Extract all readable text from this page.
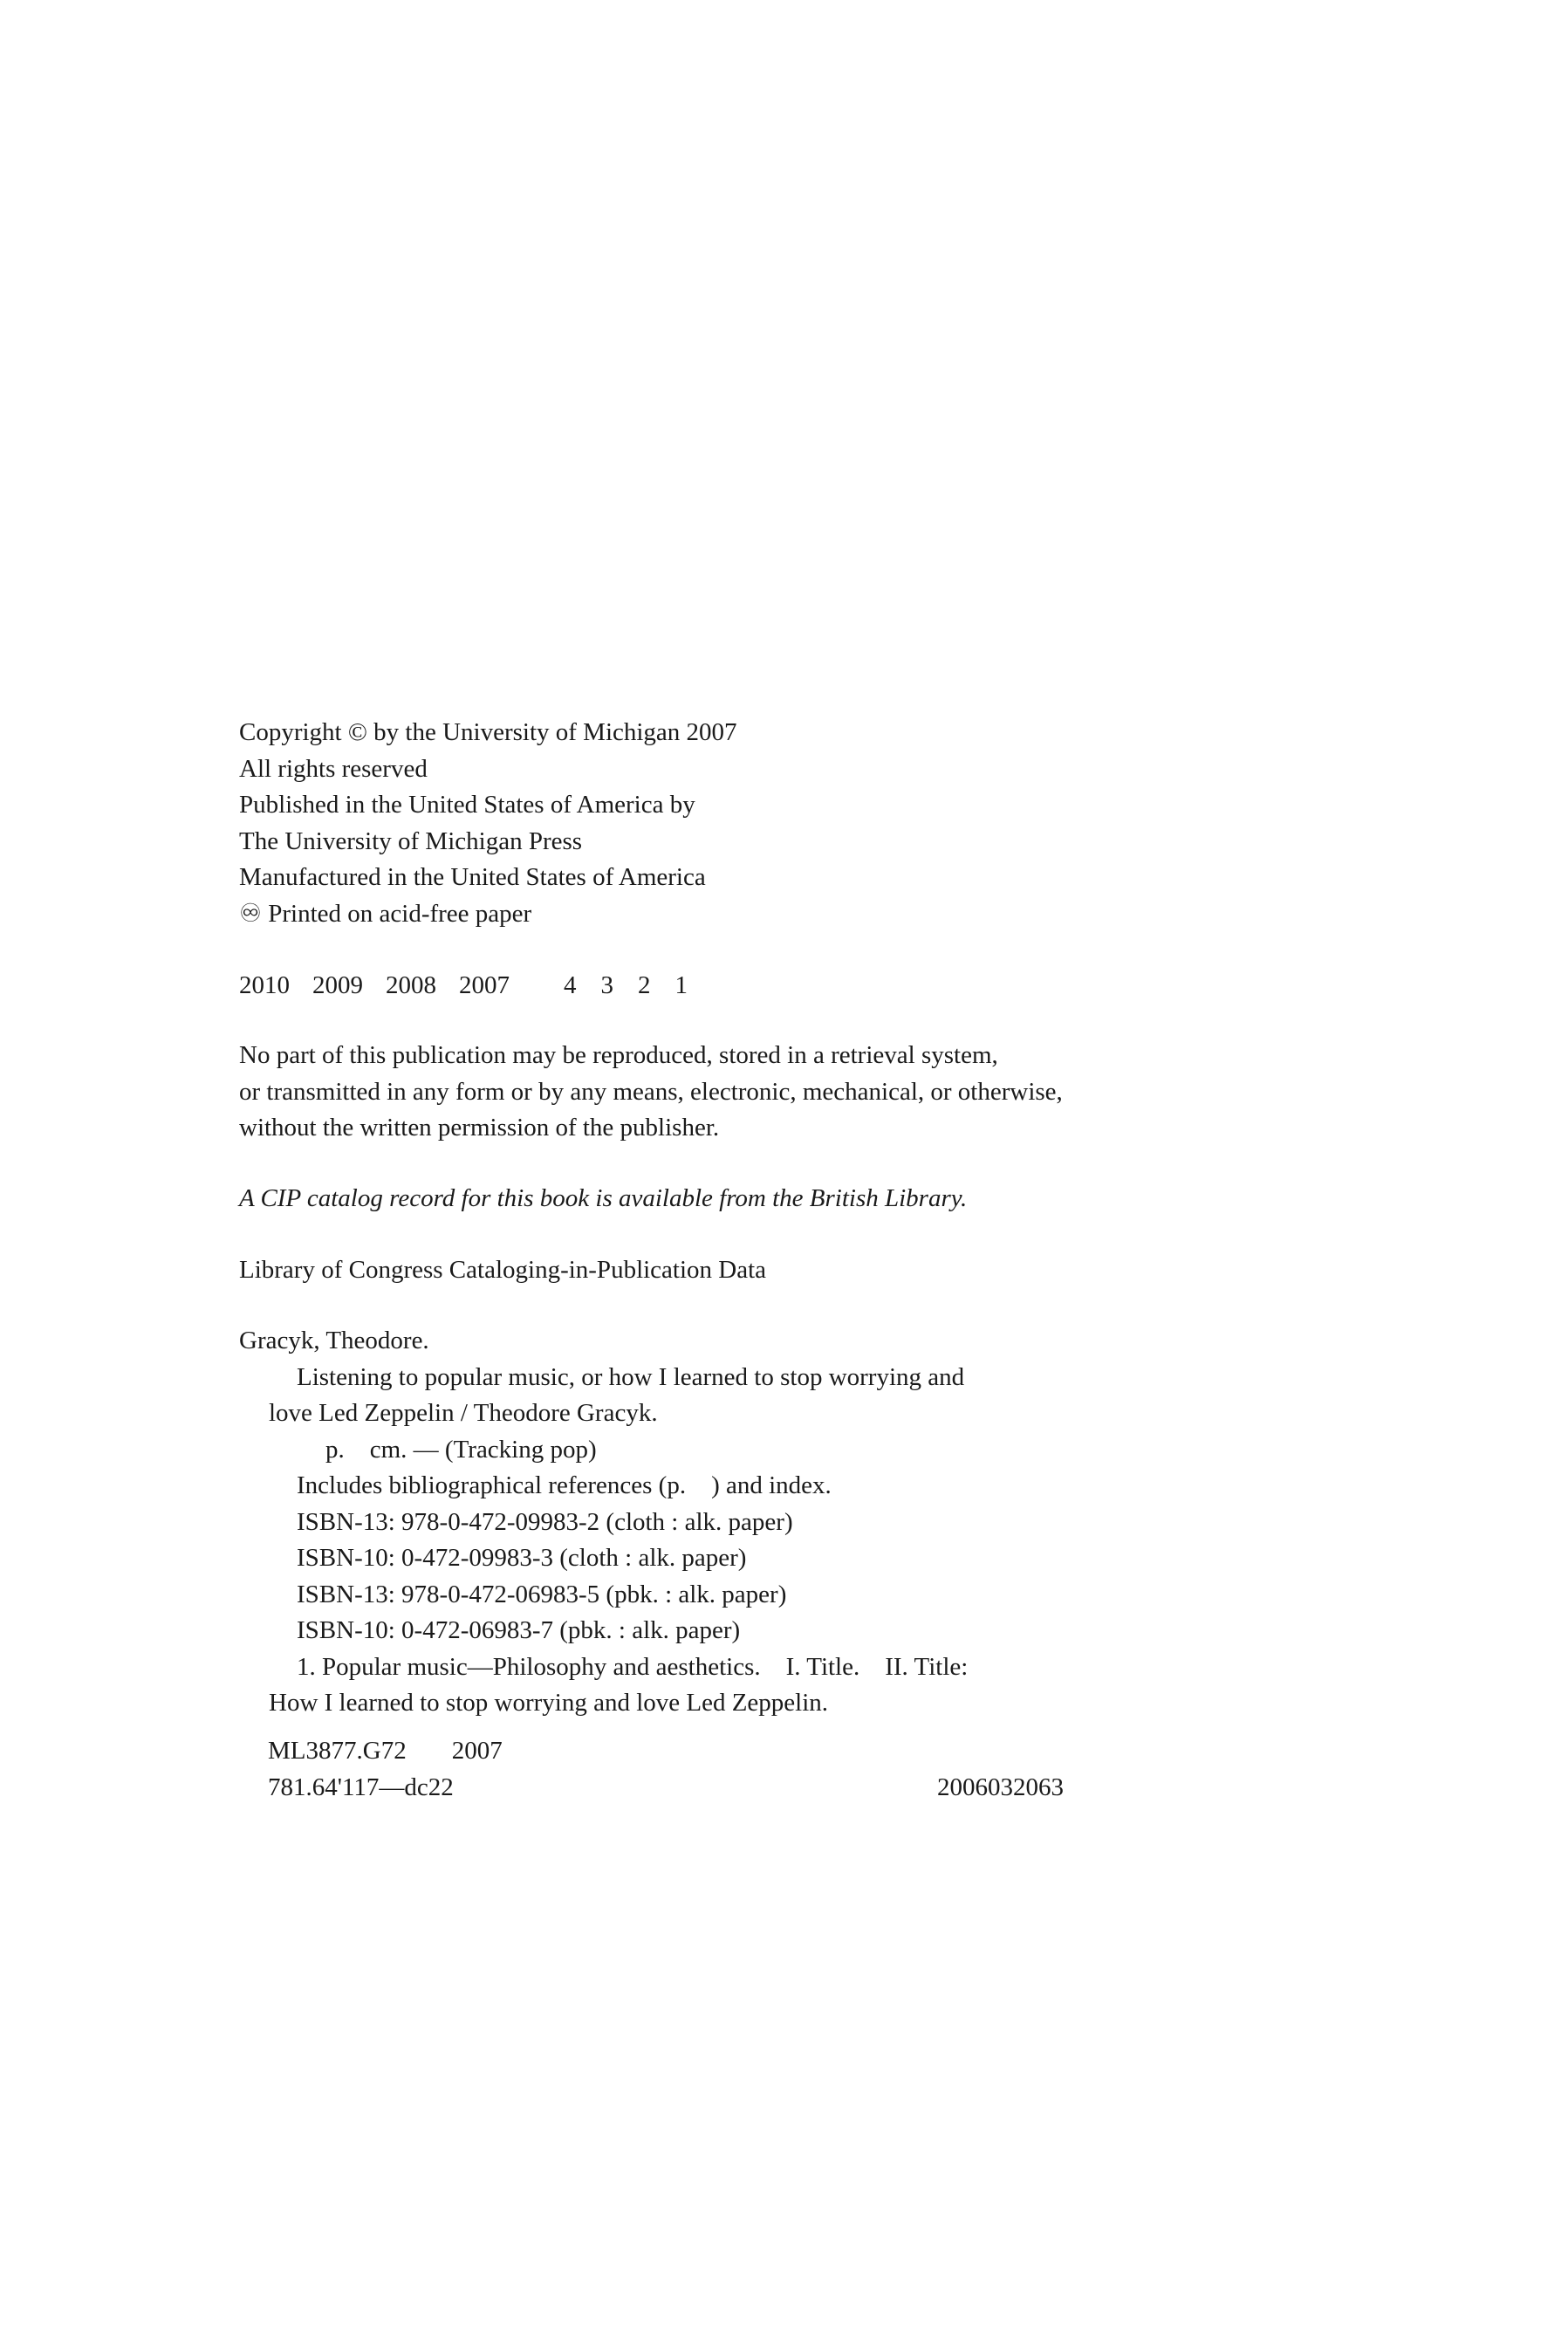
Copyright © by the University of Michigan 2007
All rights reserved
Published in the United States of America by
The University of Michigan Press
Manufactured in the United States of America
♾ Printed on acid-free paper
2010 2009 2008 2007 4 3 2 1
No part of this publication may be reproduced, stored in a retrieval system,
or transmitted in any form or by any means, electronic, mechanical, or otherwise,
without the written permission of the publisher.
A CIP catalog record for this book is available from the British Library.
Library of Congress Cataloging-in-Publication Data
Gracyk, Theodore.
Listening to popular music, or how I learned to stop worrying and
love Led Zeppelin / Theodore Gracyk.
p.    cm. — (Tracking pop)
Includes bibliographical references (p.    ) and index.
ISBN-13: 978-0-472-09983-2 (cloth : alk. paper)
ISBN-10: 0-472-09983-3 (cloth : alk. paper)
ISBN-13: 978-0-472-06983-5 (pbk. : alk. paper)
ISBN-10: 0-472-06983-7 (pbk. : alk. paper)
1. Popular music—Philosophy and aesthetics.    I. Title.    II. Title:
How I learned to stop worrying and love Led Zeppelin.
ML3877.G72 2007
781.64'117—dc22	2006032063
